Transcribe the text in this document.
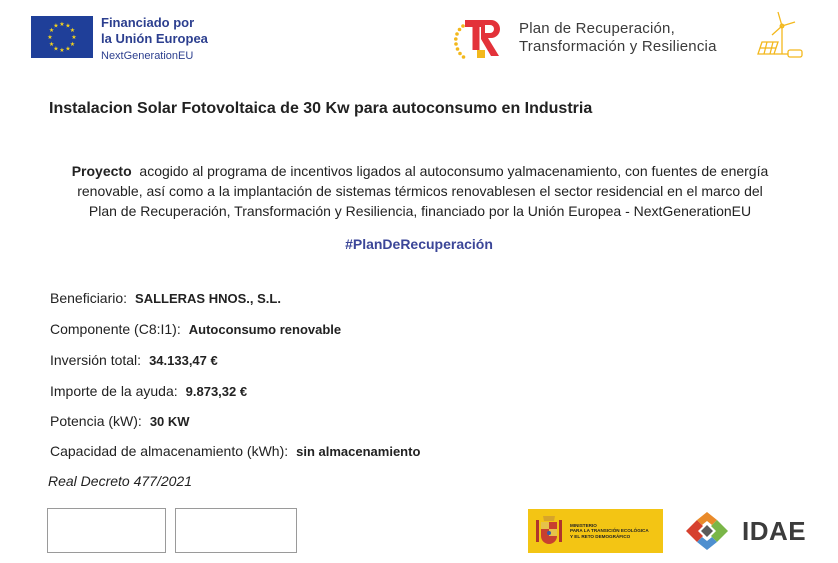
★ ★
★
★
★
★
★
★
★
★
★
★	Financiado por
la Unión Europea
NextGenerationEU
Plan de Recuperación,
Transformación y Resiliencia
Instalacion Solar Fotovoltaica de 30 Kw para autoconsumo en Industria
Proyecto acogido al programa de incentivos ligados al autoconsumo yalmacenamiento, con fuentes de energía
renovable, así como a la implantación de sistemas térmicos renovablesen el sector residencial en el marco del
Plan de Recuperación, Transformación y Resiliencia, financiado por la Unión Europea - NextGenerationEU
#PlanDeRecuperación
Beneficiario: SALLERAS HNOS., S.L.
Componente (C8:I1): Autoconsumo renovable
Inversión total: 34.133,47 €
Importe de la ayuda: 9.873,32 €
Potencia (kW): 30 KW
Capacidad de almacenamiento (kWh): sin almacenamiento
Real Decreto 477/2021
MINISTERIO
PARA LA TRANSICIÓN ECOLÓGICA
Y EL RETO DEMOGRÁFICO	IDAE
